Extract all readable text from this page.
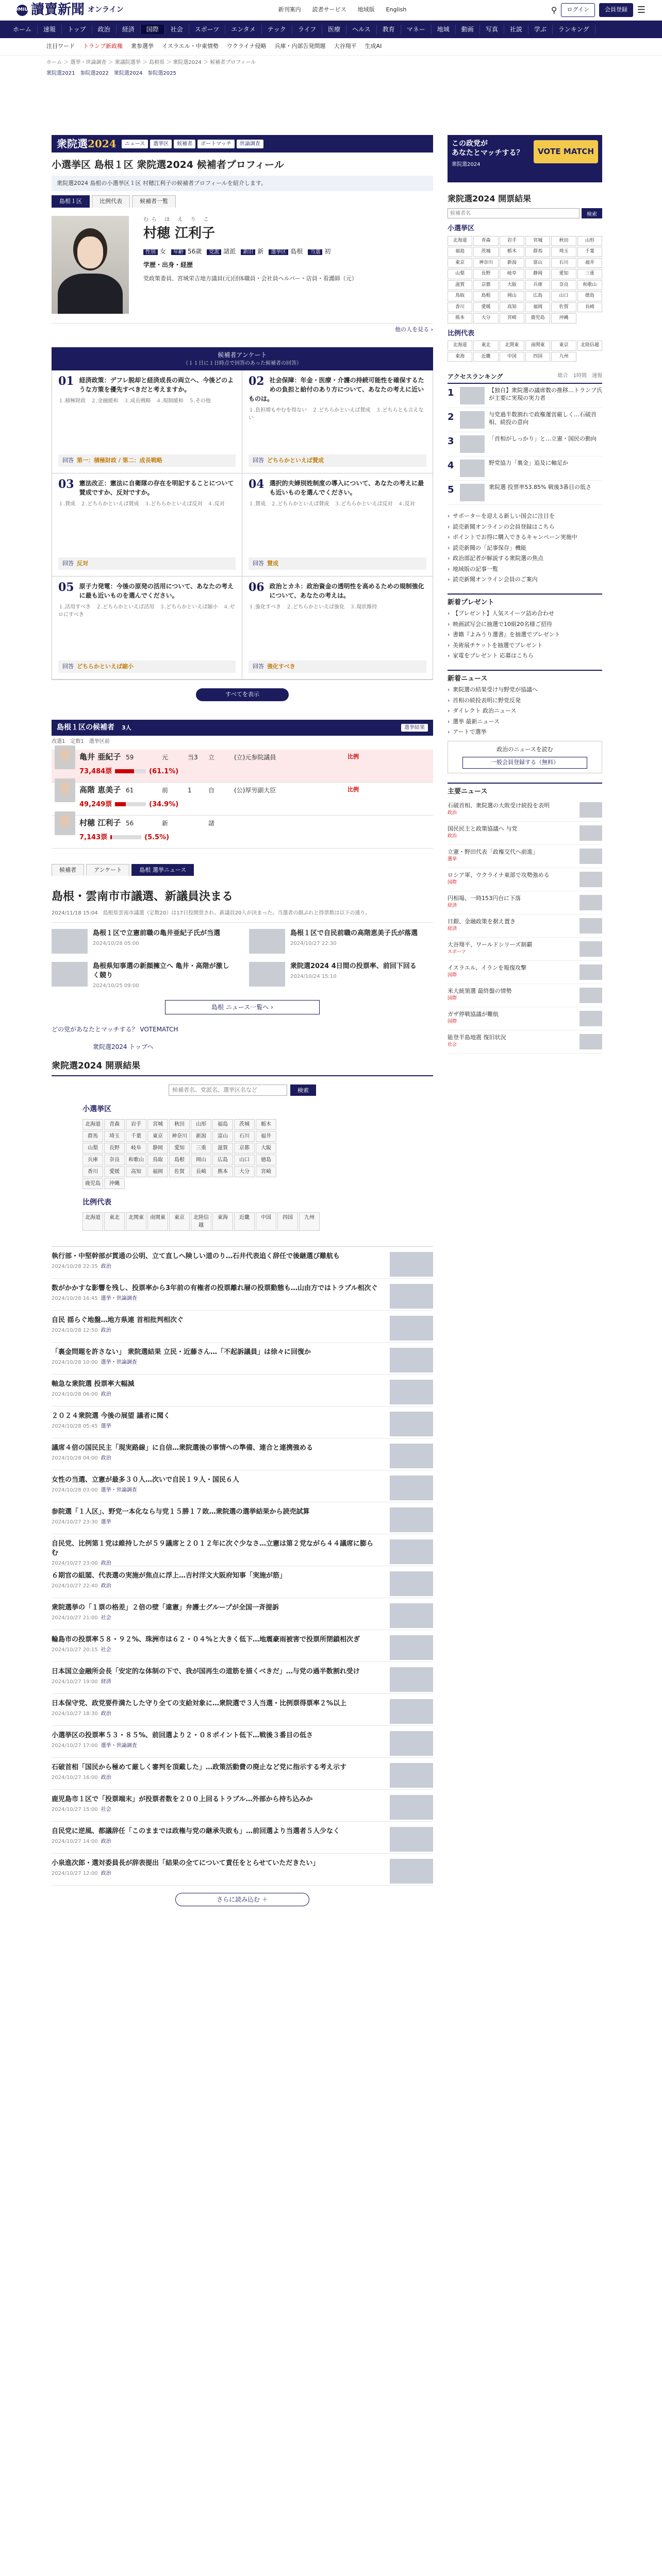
YOMIURI
讀賣新聞 オンライン	新刊案内 読者サービス 地域版 English	⚲	ログイン	会員登録	☰
ホーム	速報	トップ	政治	経済	国際	社会	スポーツ	エンタメ	テック	ライフ	医療	ヘルス	教育	マネー	地域	動画	写真	社説	学ぶ	ランキング
注目ワード トランプ新政権 衆参選挙 イスラエル・中東情勢 ウクライナ侵略 兵庫・内部告発問題 大谷翔平 生成AI
ホーム ＞ 選挙・世論調査 ＞ 衆議院選挙 ＞ 島根県 ＞ 衆院選2024 ＞ 候補者プロフィール
衆院選2021 参院選2022 衆院選2024 参院選2025
衆院選2024	ニュース	選挙区	候補者	ボートマッチ	世論調査
小選挙区 島根１区 衆院選2024 候補者プロフィール
衆院選2024 島根の小選挙区１区 村穂江利子の候補者プロフィールを紹介します。
島根１区	比例代表	候補者一覧
むら ほ え り こ
村穂 江利子
性別 女	年齢 56歳	党派 諸派	新旧 新	選挙区 島根	当選 初
学歴・出身・経歴
党政策委員、宮城栄吉地方議員(元)団体職員・会社員ヘルパー・店員・看護師（元）
他の人を見る ›
候補者アンケート
（１１日に１日時点で回答のあった候補者の回答）
01 経済政策：デフレ脱却と経済成長の両立へ、今後どのような方策を優先すべきだと考えますか。
１.積極財政　２.金融緩和　３.成長戦略　４.規制緩和　５.その他
回答 第一：積極財政 / 第二：成長戦略
02 社会保障：年金・医療・介護の持続可能性を確保するための負担と給付のあり方について、あなたの考えに近いものは。
１.負担増もやむを得ない　２.どちらかといえば賛成　３.どちらとも言えない
回答 どちらかといえば賛成
03 憲法改正：憲法に自衛隊の存在を明記することについて賛成ですか、反対ですか。
１.賛成　２.どちらかといえば賛成　３.どちらかといえば反対　４.反対
回答 反対
04 選択的夫婦別姓制度の導入について、あなたの考えに最も近いものを選んでください。
１.賛成　２.どちらかといえば賛成　３.どちらかといえば反対　４.反対
回答 賛成
05 原子力発電：今後の原発の活用について、あなたの考えに最も近いものを選んでください。
１.活用すべき　２.どちらかといえば活用　３.どちらかといえば縮小　４.ゼロにすべき
回答 どちらかといえば縮小
06 政治とカネ：政治資金の透明性を高めるための規制強化について、あなたの考えは。
１.強化すべき　２.どちらかといえば強化　３.現状維持
回答 強化すべき
すべてを表示
島根１区の候補者　 3人	選挙結果
改選1　定数1　選挙区前
亀井 亜紀子 59	元	当3	立	(立)元参院議員	比例
73,484票	(61.1%)
高階 恵美子 61	前	1	自	(公)厚労副大臣	比例
49,249票	(34.9%)
村穂 江利子 56	新	諸
7,143票	(5.5%)
候補者	アンケート	島根 選挙ニュース
島根・雲南市市議選、新議員決まる
2024/11/18 15:04　 島根県雲南市議選（定数20）は17日投開票され、新議員20人が決まった。当選者の顔ぶれと得票数は以下の通り。
島根１区で立憲前職の亀井亜紀子氏が当選
2024/10/28 05:00
島根１区で自民前職の高階恵美子氏が落選
2024/10/27 22:30
島根県知事選の新顔擁立へ 亀井・高階が激しく競り
2024/10/25 09:00
衆院選2024 4日間の投票率、前回下回る
2024/10/24 15:10
島根 ニュース一覧へ ›
どの党があなたとマッチする？ VOTEMATCH
衆院選2024 トップへ
衆院選2024 開票結果
候補者名、党派名、選挙区名など
検索
小選挙区
北海道	青森	岩手	宮城	秋田	山形	福島	茨城	栃木
群馬	埼玉	千葉	東京	神奈川	新潟	富山	石川	福井
山梨	長野	岐阜	静岡	愛知	三重	滋賀	京都	大阪
兵庫	奈良	和歌山	鳥取	島根	岡山	広島	山口	徳島
香川	愛媛	高知	福岡	佐賀	長崎	熊本	大分	宮崎
鹿児島	沖縄
比例代表
北海道	東北	北関東	南関東	東京	北陸信越
東海	近畿	中国	四国	九州
執行部・中堅幹部が貫通の公明、立て直しへ険しい道のり…石井代表追く辞任で後継選び難航も
2024/10/28 22:35 政治
数がかかすな影響を残し、投票率から3年前の有権者の投票離れ層の投票動態も…山由方ではトラブル相次ぐ
2024/10/28 16:45 選挙・世論調査
自民 揺らぐ地盤…地方県連 首相批判相次ぐ
2024/10/28 12:50 政治
「裏金問題を許さない」 衆院選結果 立民・近藤さん…「不起訴議員」は徐々に回復か
2024/10/28 10:00 選挙・世論調査
軸急な衆院選 投票率大幅減
2024/10/28 06:00 政治
２０２４衆院選 今後の展望 議者に聞く
2024/10/28 05:45 選挙
議席４倍の国民民主「現実路線」に自信…衆院選後の事情への準備、連合と連携強める
2024/10/28 04:00 政治
女性の当選、立憲が最多３０人…次いで自民１９人・国民６人
2024/10/28 03:00 選挙・世論調査
参院選「１人区」、野党一本化なら与党１５勝１７敗…衆院選の選挙結果から読売試算
2024/10/27 23:30 選挙
自民党、比例第１党は維持したが５９議席と２０１２年に次ぐ少なさ…立憲は第２党ながら４４議席に膨らむ
2024/10/27 23:00 政治
６期官の組閣、代表選の実施が焦点に浮上…吉村洋文大阪府知事「実施が筋」
2024/10/27 22:40 政治
衆院選挙の「１票の格差」２倍の壁「違憲」弁護士グループが全国一斉提訴
2024/10/27 21:00 社会
輪島市の投票率５８・９２%、珠洲市は６２・０４%と大きく低下…地震豪雨被害で投票所閉鎖相次ぎ
2024/10/27 20:15 社会
日本国立金融所会長「安定的な体制の下で、我が国再生の道筋を描くべきだ」…与党の過半数割れ受け
2024/10/27 19:00 経済
日本保守党、政党要件満たした守り全ての支給対象に…衆院選で３人当選・比例票得票率２%以上
2024/10/27 18:30 政治
小選挙区の投票率５３・８５%、前回選より２・０８ポイント低下…戦後３番目の低さ
2024/10/27 17:00 選挙・世論調査
石破首相「国民から極めて厳しく審判を頂戴した」…政策活動費の廃止など党に指示する考え示す
2024/10/27 16:00 政治
鹿児島市１区で「投票端末」が投票者数を２００上回るトラブル…外部から持ち込みか
2024/10/27 15:00 社会
自民党に逆風、都議辞任「このままでは政権与党の継承失敗も」…前回選より当選者５人少なく
2024/10/27 14:00 政治
小泉進次郎・選対委員長が辞表提出「結果の全てについて責任をとらせていただきたい」
2024/10/27 12:00 政治
さらに読み込む ＋
この政党が
あなたとマッチする？
衆院選2024
VOTE MATCH
衆院選2024 開票結果
候補者名
検索
小選挙区
北海道	青森	岩手	宮城	秋田	山形
福島	茨城	栃木	群馬	埼玉	千葉
東京	神奈川	新潟	富山	石川	福井
山梨	長野	岐阜	静岡	愛知	三重
滋賀	京都	大阪	兵庫	奈良	和歌山
鳥取	島根	岡山	広島	山口	徳島
香川	愛媛	高知	福岡	佐賀	長崎
熊本	大分	宮崎	鹿児島	沖縄
比例代表
北海道	東北	北関東	南関東	東京	北陸信越
東海	近畿	中国	四国	九州
アクセスランキング	総合　1時間　速報
1	【独自】衆院選の議席数の推移…トランプ氏が主要に実現の実力者
2	与党過半数割れで政権運営厳しく…石破首相、続投の意向
3	「首相がしっかり」と…立憲・国民の動向
4	野党協力「裏金」追及に軸足か
5	衆院選 投票率53.85% 戦後3番目の低さ
› サポーターを迎える新しい国会に注目を
› 読売新聞オンラインの会員登録はこちら
› ポイントでお得に購入できるキャンペーン実施中
› 読売新聞の「記事保存」機能
› 政治部記者が解説する衆院選の焦点
› 地域版の記事一覧
› 読売新聞オンライン会員のご案内
新着プレゼント
› 【プレゼント】人気スイーツ詰め合わせ
› 映画試写会に抽選で10組20名様ご招待
› 書籍『よみうり選書』を抽選でプレゼント
› 美術展チケットを抽選でプレゼント
› 家電をプレゼント 応募はこちら
新着ニュース
› 衆院選の結果受け与野党が協議へ
› 首相の続投表明に野党反発
› ダイレクト 政治ニュース
› 選挙 最新ニュース
› アートで選挙
政治のニュースを読む
一般会員登録する（無料）
主要ニュース
石破首相、衆院選の大敗受け続投を表明
政治
国民民主と政策協議へ 与党
政治
立憲・野田代表「政権交代へ前進」
選挙
ロシア軍、ウクライナ東部で攻勢強める
国際
円相場、一時153円台に下落
経済
日銀、金融政策を据え置き
経済
大谷翔平、ワールドシリーズ制覇
スポーツ
イスラエル、イランを報復攻撃
国際
米大統領選 最終盤の情勢
国際
ガザ停戦協議が難航
国際
能登半島地震 復旧状況
社会
